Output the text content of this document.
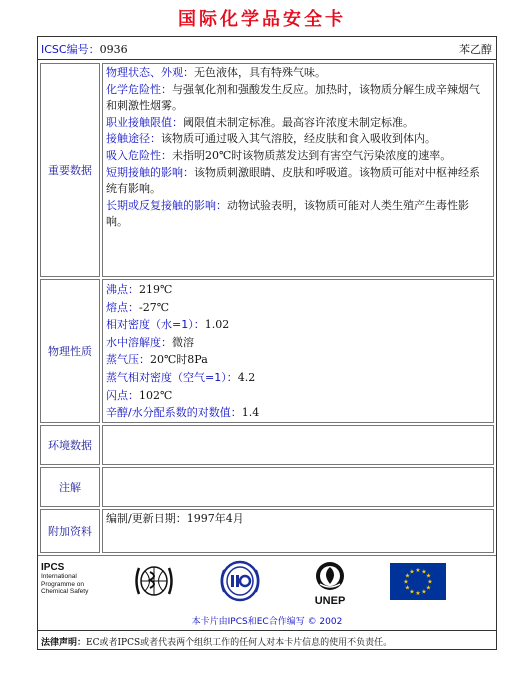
国际化学品安全卡
ICSC编号：0936	苯乙醇
重要数据
物理状态、外观：无色液体，具有特殊气味。
化学危险性：与强氧化剂和强酸发生反应。加热时，该物质分解生成辛辣烟气和刺激性烟雾。
职业接触限值：阈限值未制定标准。最高容许浓度未制定标准。
接触途径：该物质可通过吸入其气溶胶，经皮肤和食入吸收到体内。
吸入危险性：未指明20℃时该物质蒸发达到有害空气污染浓度的速率。
短期接触的影响：该物质刺激眼睛、皮肤和呼吸道。该物质可能对中枢神经系统有影响。
长期或反复接触的影响：动物试验表明，该物质可能对人类生殖产生毒性影响。
物理性质
沸点：219℃
熔点：-27℃
相对密度（水=1）：1.02
水中溶解度：微溶
蒸气压：20℃时8Pa
蒸气相对密度（空气=1）：4.2
闪点：102℃
辛醇/水分配系数的对数值：1.4
环境数据
注解
附加资料
编制/更新日期：1997年4月
IPCS
International
Programme on
Chemical Safety
UNEP
★ ★
★
★
★
★
★
★
★
★
★
★
本卡片由IPCS和EC合作编写 © 2002
法律声明：EC或者IPCS或者代表两个组织工作的任何人对本卡片信息的使用不负责任。
